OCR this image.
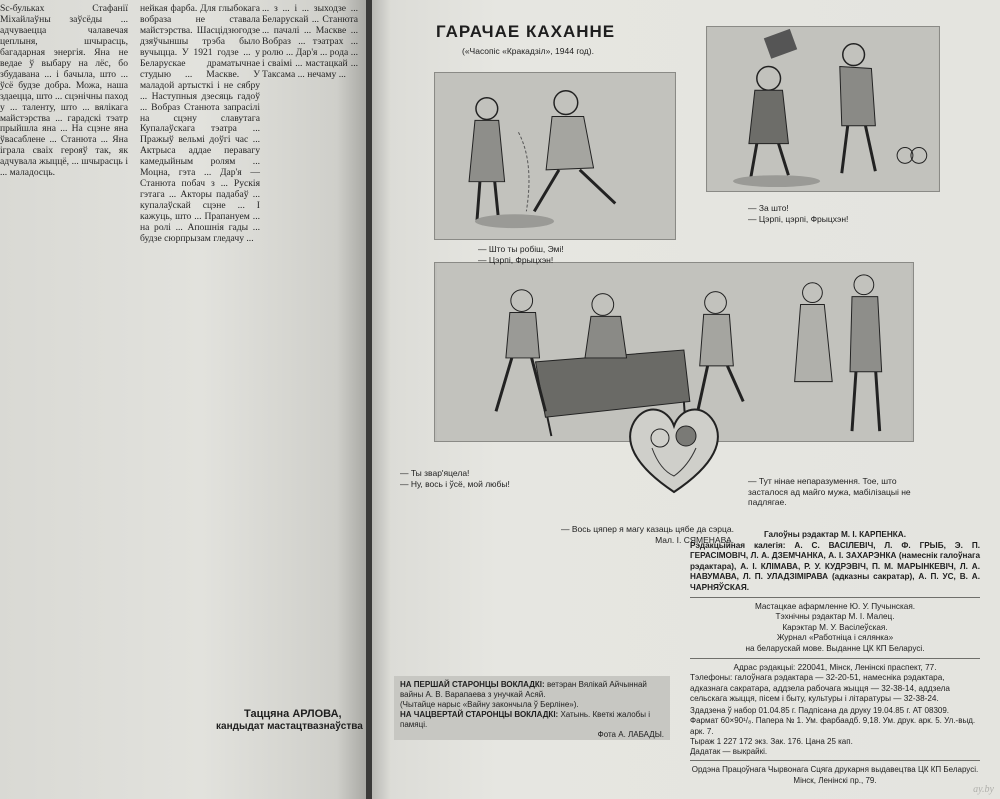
Sc-бульках Стафанії Міхайлаўны заўсёды ... адчуваецца чалавечая цеплыня, шчырасць, багадарная энергія. Яна не ведае ў выбару на лёс, бо збудавана ... і бачыла, што ... ўсё будзе добра. Можа, наша здаецца, што ... сцэнічны паход у ... таленту, што ... вялікага майстэрства ... гарадскі тэатр прыйшла яна ... На сцэне яна ўвасаблене ... Станюта ... Яна іграла сваіх герояў так, як адчувала жыццё, ... шчырасць і ... маладосць.

нейкая фарба. Для глыбокага вобраза не ставала майстэрства. Шасцідзюгодзе дзяўчыншы трэба было вучыцца. У 1921 годзе ... у Беларускае драматычнае студыю ... Маскве. У маладой артысткі і не сябру ... Наступныя дзесяць гадоў ... Вобраз Станюта запрасілі на сцэну славутага Купалаўскага тэатра ... Пражыў вельмі доўгі час ... Актрыса аддае перавагу камедыйным ролям ... Моцна, гэта ... Дар'я — Станюта побач з ... Рускія гэтага ... Акторы падабаў ... купалаўскай сцэне ... І кажуць, што ... Прапануем ... на ролі ... Апошнія гады ... будзе сюрпрызам гледачу ...

... з ... і ... зыходзе ... Беларускай ... Станюта ... пачалі ... Маскве ... Вобраз ... тэатрах ... ролю ... Дар'я ... рода ... і сваімі ... мастацкай ... Таксама ... нечаму ...

Таццяна АРЛОВА,
кандыдат мастацтвазнаўства
ГАРАЧАЕ КАХАННЕ
(«Часопіс «Кракадзіл», 1944 год).
— За што!
— Цэрпі, цэрпі, Фрыцхэн!
— Што ты робіш, Эмі!
— Цэрпі, Фрыцхэн!
— Ты звар'яцела!
— Ну, вось і ўсё, мой любы!	— Тут нінае непаразумення. Тое, што засталося ад майго мужа, мабілізацыі не падлягае.
— Вось цяпер я магу казаць цябе да сэрца.
Мал. І. СЯМЕНАВА.	Галоўны рэдактар М. І. КАРПЕНКА.
Рэдакцыйная калегія: А. С. ВАСІЛЕВІЧ, Л. Ф. ГРЫБ, Э. П. ГЕРАСІМОВІЧ, Л. А. ДЗЕМЧАНКА, А. І. ЗАХАРЭНКА (намеснік галоўнага рэдактара), А. І. КЛІМАВА, Р. У. КУДРЭВІЧ, П. М. МАРЫНКЕВІЧ, Л. А. НАВУМАВА, Л. П. УЛАДЗІМІРАВА (адказны сакратар), А. П. УС, В. А. ЧАРНЯЎСКАЯ.
Мастацкае афармленне Ю. У. Пучынская.
Тэхнічны рэдактар М. І. Малец.
Карэктар М. У. Васілеўская.
Журнал «Работніца і сялянка»
на беларускай мове. Выданне ЦК КП Беларусі.
Адрас рэдакцыі: 220041, Мінск, Ленінскі праспект, 77.
Тэлефоны: галоўнага рэдактара — 32-20-51, намесніка рэдактара, адказнага сакратара, аддзела рабочага жыцця — 32-38-14, аддзела сельскага жыцця, пісем і быту, культуры і літаратуры — 32-38-24.
НА ПЕРШАЙ СТАРОНЦЫ ВОКЛАДКІ: ветэран Вялікай Айчыннай вайны А. В. Варапаева з унучкай Асяй.
(Чытайце нарыс «Вайну закончыла ў Берліне»).
НА ЧАЦВЕРТАЙ СТАРОНЦЫ ВОКЛАДКІ: Хатынь. Кветкі жалобы і памяці.
Фота А. ЛАБАДЫ.
Здадзена ў набор 01.04.85 г. Падпісана да друку 19.04.85 г. АТ 08309.
Фармат 60×90¹/₈. Папера № 1. Ум. фарбаадб. 9,18. Ум. друк. арк. 5. Ул.-выд. арк. 7.
Тыраж 1 227 172 экз. Зак. 176. Цана 25 кап.
Дадатак — выкрайкі.
Ордэна Працоўнага Чырвонага Сцяга друкарня выдавецтва ЦК КП Беларусі. Мінск, Ленінскі пр., 79.
ay.by
